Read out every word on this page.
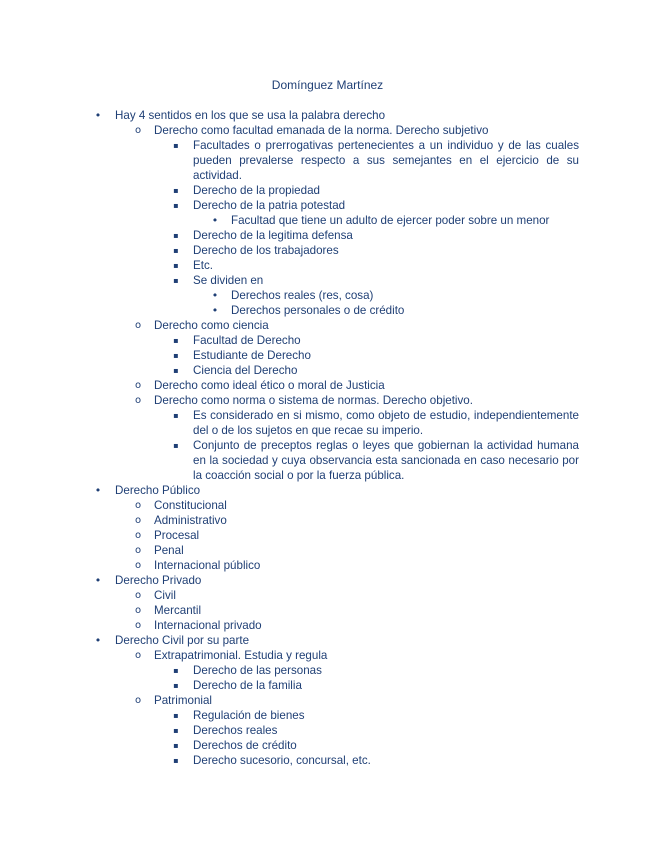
Domínguez Martínez
• Hay 4 sentidos en los que se usa la palabra derecho
o Derecho como facultad emanada de la norma. Derecho subjetivo
▪ Facultades o prerrogativas pertenecientes a un individuo y de las cuales pueden prevalerse respecto a sus semejantes en el ejercicio de su actividad.
▪ Derecho de la propiedad
▪ Derecho de la patria potestad
• Facultad que tiene un adulto de ejercer poder sobre un menor
▪ Derecho de la legitima defensa
▪ Derecho de los trabajadores
▪ Etc.
▪ Se dividen en
• Derechos reales (res, cosa)
• Derechos personales o de crédito
o Derecho como ciencia
▪ Facultad de Derecho
▪ Estudiante de Derecho
▪ Ciencia del Derecho
o Derecho como ideal ético o moral de Justicia
o Derecho como norma o sistema de normas. Derecho objetivo.
▪ Es considerado en si mismo, como objeto de estudio, independientemente del o de los sujetos en que recae su imperio.
▪ Conjunto de preceptos reglas o leyes que gobiernan la actividad humana en la sociedad y cuya observancia esta sancionada en caso necesario por la coacción social o por la fuerza pública.
• Derecho Público
o Constitucional
o Administrativo
o Procesal
o Penal
o Internacional público
• Derecho Privado
o Civil
o Mercantil
o Internacional privado
• Derecho Civil por su parte
o Extrapatrimonial. Estudia y regula
▪ Derecho de las personas
▪ Derecho de la familia
o Patrimonial
▪ Regulación de bienes
▪ Derechos reales
▪ Derechos de crédito
▪ Derecho sucesorio, concursal, etc.
